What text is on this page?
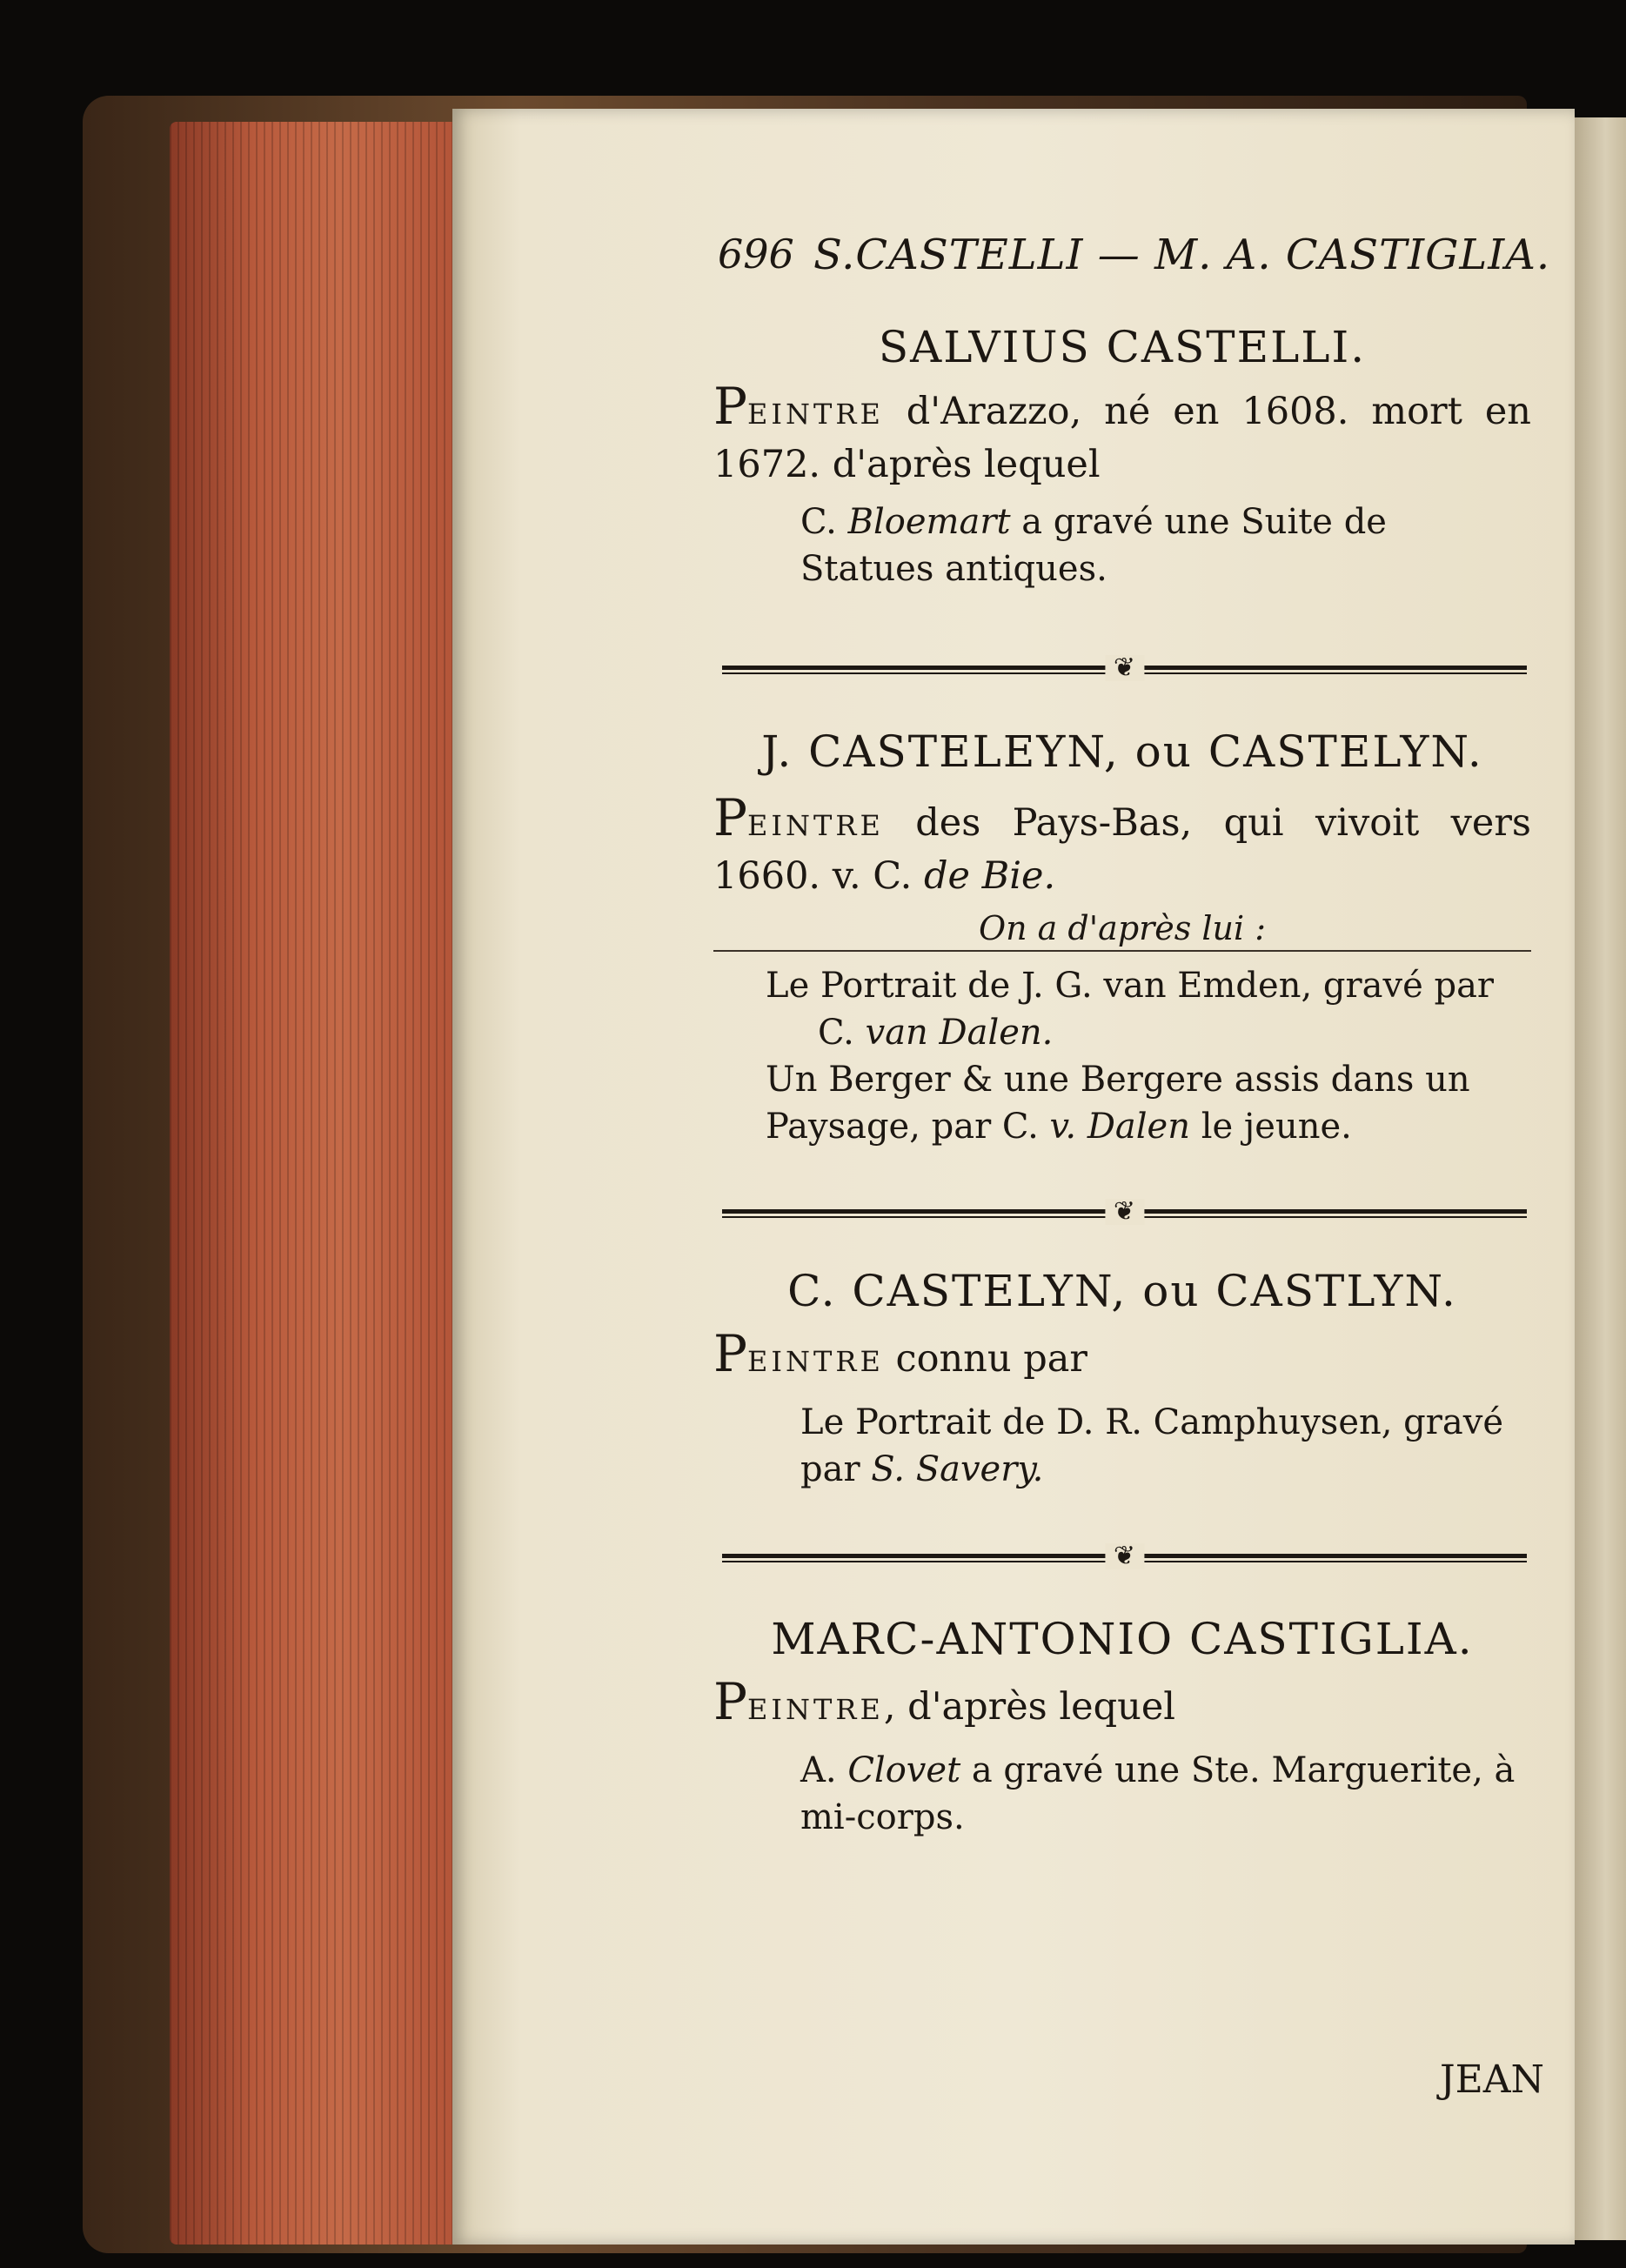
696 S.CASTELLI — M. A. CASTIGLIA.
SALVIUS CASTELLI.
PEINTRE d'Arazzo, né en 1608. mort en 1672. d'après lequel
C. Bloemart a gravé une Suite de Statues antiques.
❦
J. CASTELEYN, ou CASTELYN.
PEINTRE des Pays-Bas, qui vivoit vers 1660. v. C. de Bie.
On a d'après lui :
Le Portrait de J. G. van Emden, gravé par
C. van Dalen.
Un Berger & une Bergere assis dans un Paysage, par C. v. Dalen le jeune.
❦
C. CASTELYN, ou CASTLYN.
PEINTRE connu par
Le Portrait de D. R. Camphuysen, gravé par S. Savery.
❦
MARC-ANTONIO CASTIGLIA.
PEINTRE, d'après lequel
A. Clovet a gravé une Ste. Marguerite, à mi-corps.
JEAN
